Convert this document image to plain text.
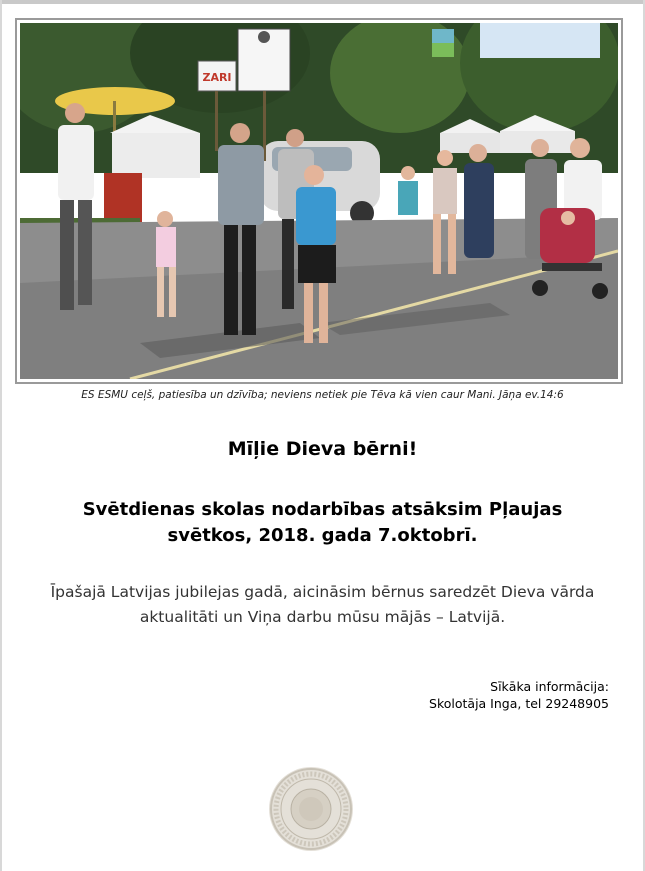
ZARI
ES ESMU ceļš, patiesība un dzīvība; neviens netiek pie Tēva kā vien caur Mani. Jāņa ev.14:6
Mīļie Dieva bērni!
Svētdienas skolas nodarbības atsāksim Pļaujas svētkos, 2018. gada 7.oktobrī.
Īpašajā Latvijas jubilejas gadā, aicināsim bērnus saredzēt Dieva vārda aktualitāti un Viņa darbu mūsu mājās – Latvijā.
Sīkāka informācija:
Skolotāja Inga, tel 29248905
